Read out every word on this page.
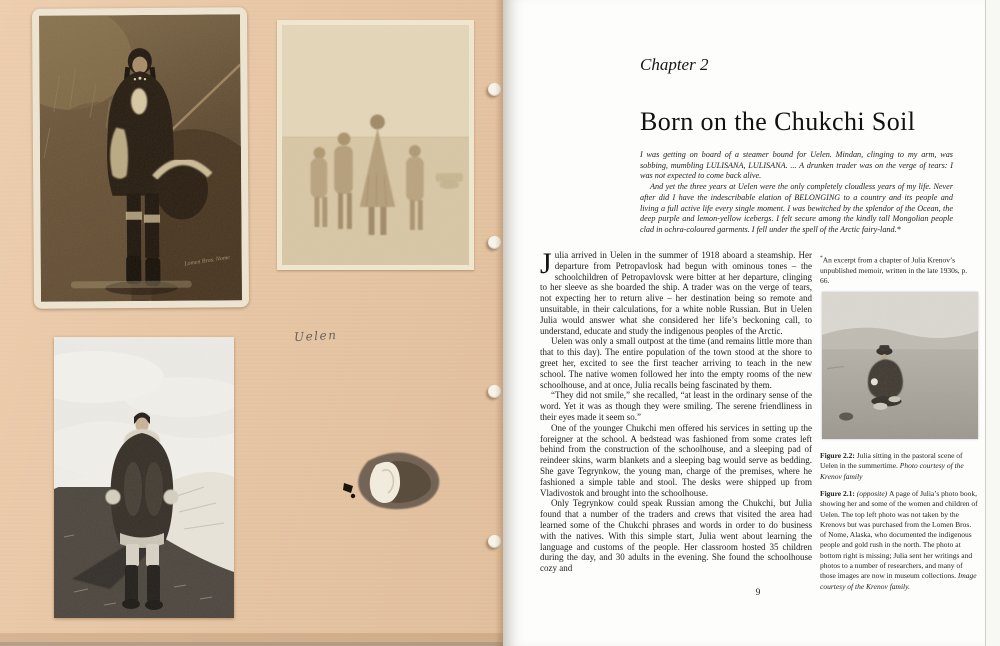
Uelen
Chapter 2
Born on the Chukchi Soil

I was getting on board of a steamer bound for Uelen. Mindan, clinging to my arm, was sobbing, mumbling LULISANA, LULISANA. ... A drunken trader was on the verge of tears: I was not expected to come back alive.

And yet the three years at Uelen were the only completely cloudless years of my life. Never after did I have the indescribable elation of BELONGING to a country and its people and living a full active life every single moment. I was bewitched by the splendor of the Ocean, the deep purple and lemon-yellow icebergs. I felt secure among the kindly tall Mongolian people clad in ochra-coloured garments. I fell under the spell of the Arctic fairy-land.*

Julia arrived in Uelen in the summer of 1918 aboard a steamship. Her departure from Petropavlosk had begun with ominous tones – the schoolchildren of Petropavlovsk were bitter at her departure, clinging to her sleeve as she boarded the ship. A trader was on the verge of tears, not expecting her to return alive – her destination being so remote and unsuitable, in their calculations, for a white noble Russian. But in Uelen Julia would answer what she considered her life’s beckoning call, to understand, educate and study the indigenous peoples of the Arctic.

Uelen was only a small outpost at the time (and remains little more than that to this day). The entire population of the town stood at the shore to greet her, excited to see the first teacher arriving to teach in the new school. The native women followed her into the empty rooms of the new schoolhouse, and at once, Julia recalls being fascinated by them.

“They did not smile,” she recalled, “at least in the ordinary sense of the word. Yet it was as though they were smiling. The serene friendliness in their eyes made it seem so.”

One of the younger Chukchi men offered his services in setting up the foreigner at the school. A bedstead was fashioned from some crates left behind from the construction of the schoolhouse, and a sleeping pad of reindeer skins, warm blankets and a sleeping bag would serve as bedding. She gave Tegrynkow, the young man, charge of the premises, where he fashioned a simple table and stool. The desks were shipped up from Vladivostok and brought into the schoolhouse.

Only Tegrynkow could speak Russian among the Chukchi, but Julia found that a number of the traders and crews that visited the area had learned some of the Chukchi phrases and words in order to do business with the natives. With this simple start, Julia went about learning the language and customs of the people. Her classroom hosted 35 children during the day, and 30 adults in the evening. She found the schoolhouse cozy and

*An excerpt from a chapter of Julia Krenov’s unpublished memoir, written in the late 1930s, p. 66.
Figure 2.2: Julia sitting in the pastoral scene of Uelen in the summertime. Photo courtesy of the Krenov family
Figure 2.1: (opposite) A page of Julia’s photo book, showing her and some of the women and children of Uelen. The top left photo was not taken by the Krenovs but was purchased from the Lomen Bros. of Nome, Alaska, who documented the indigenous people and gold rush in the north. The photo at bottom right is missing; Julia sent her writings and photos to a number of researchers, and many of those images are now in museum collections. Image courtesy of the Krenov family.
9
